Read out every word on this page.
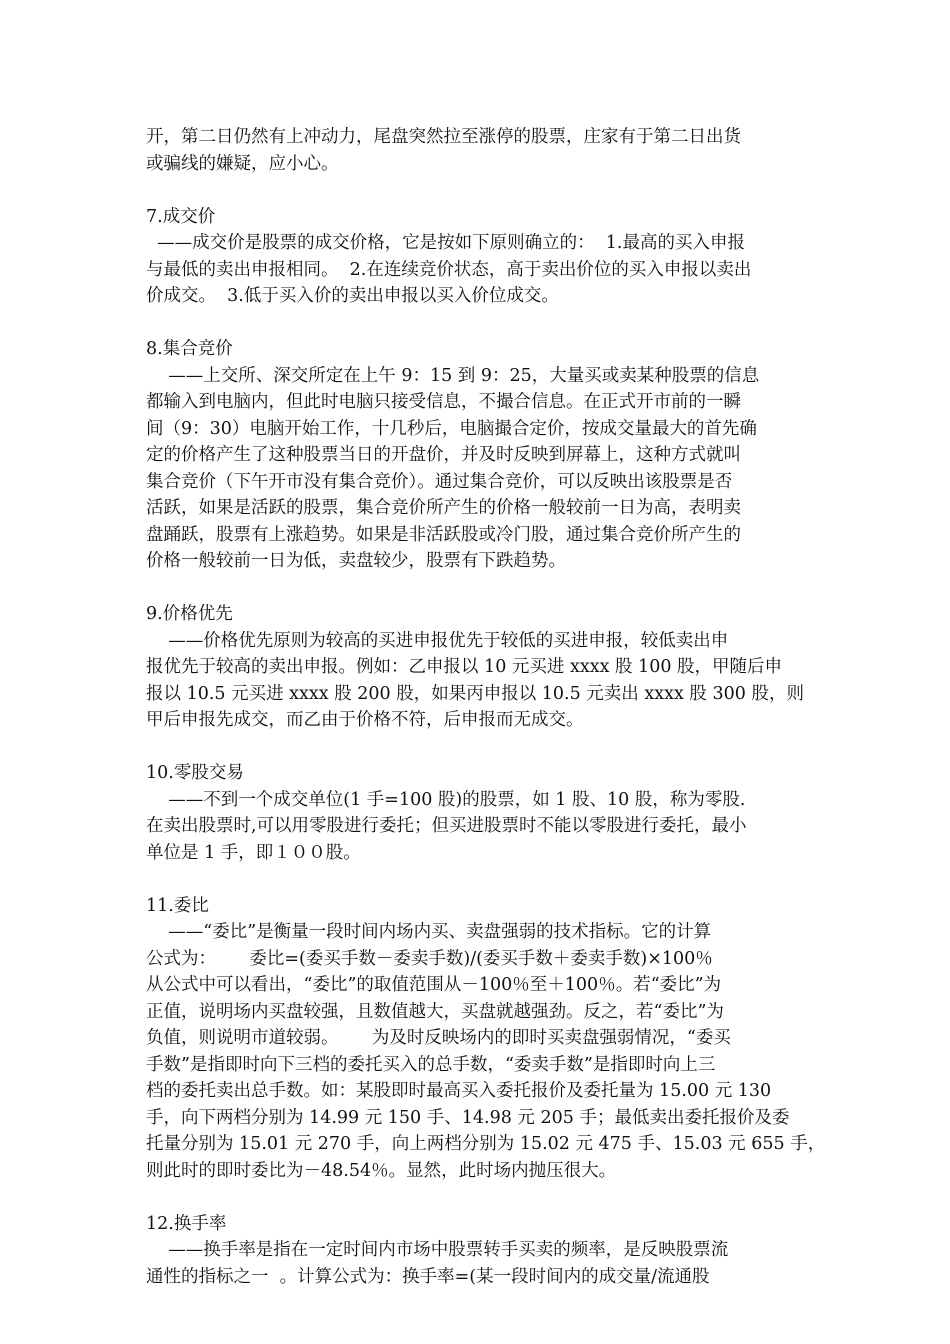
开，第二日仍然有上冲动力，尾盘突然拉至涨停的股票，庄家有于第二日出货
或骗线的嫌疑，应小心。
7.成交价
——成交价是股票的成交价格，它是按如下原则确立的：  1.最高的买入申报
与最低的卖出申报相同。  2.在连续竞价状态，高于卖出价位的买入申报以卖出
价成交。  3.低于买入价的卖出申报以买入价位成交。
8.集合竞价
——上交所、深交所定在上午 9：15 到 9：25，大量买或卖某种股票的信息
都输入到电脑内，但此时电脑只接受信息，不撮合信息。在正式开市前的一瞬
间（9：30）电脑开始工作，十几秒后，电脑撮合定价，按成交量最大的首先确
定的价格产生了这种股票当日的开盘价，并及时反映到屏幕上，这种方式就叫
集合竞价（下午开市没有集合竞价）。通过集合竞价，可以反映出该股票是否
活跃，如果是活跃的股票，集合竞价所产生的价格一般较前一日为高，表明卖
盘踊跃，股票有上涨趋势。如果是非活跃股或冷门股，通过集合竞价所产生的
价格一般较前一日为低，卖盘较少，股票有下跌趋势。
9.价格优先
——价格优先原则为较高的买进申报优先于较低的买进申报，较低卖出申
报优先于较高的卖出申报。例如：乙申报以 10 元买进 xxxx 股 100 股，甲随后申
报以 10.5 元买进 xxxx 股 200 股，如果丙申报以 10.5 元卖出 xxxx 股 300 股，则
甲后申报先成交，而乙由于价格不符，后申报而无成交。
10.零股交易
——不到一个成交单位(1 手=100 股)的股票，如 1 股、10 股，称为零股.
在卖出股票时,可以用零股进行委托；但买进股票时不能以零股进行委托，最小
单位是 1 手，即１００股。
11.委比
——“委比”是衡量一段时间内场内买、卖盘强弱的技术指标。它的计算
公式为：      委比=(委买手数－委卖手数)/(委买手数＋委卖手数)×100％
从公式中可以看出，“委比”的取值范围从－100％至＋100％。若“委比”为
正值，说明场内买盘较强，且数值越大，买盘就越强劲。反之，若“委比”为
负值，则说明市道较弱。      为及时反映场内的即时买卖盘强弱情况，“委买
手数”是指即时向下三档的委托买入的总手数，“委卖手数”是指即时向上三
档的委托卖出总手数。如：某股即时最高买入委托报价及委托量为 15.00 元 130
手，向下两档分别为 14.99 元 150 手、14.98 元 205 手；最低卖出委托报价及委
托量分别为 15.01 元 270 手，向上两档分别为 15.02 元 475 手、15.03 元 655 手，
则此时的即时委比为－48.54％。显然，此时场内抛压很大。
12.换手率
——换手率是指在一定时间内市场中股票转手买卖的频率，是反映股票流
通性的指标之一  。计算公式为：换手率=(某一段时间内的成交量/流通股
